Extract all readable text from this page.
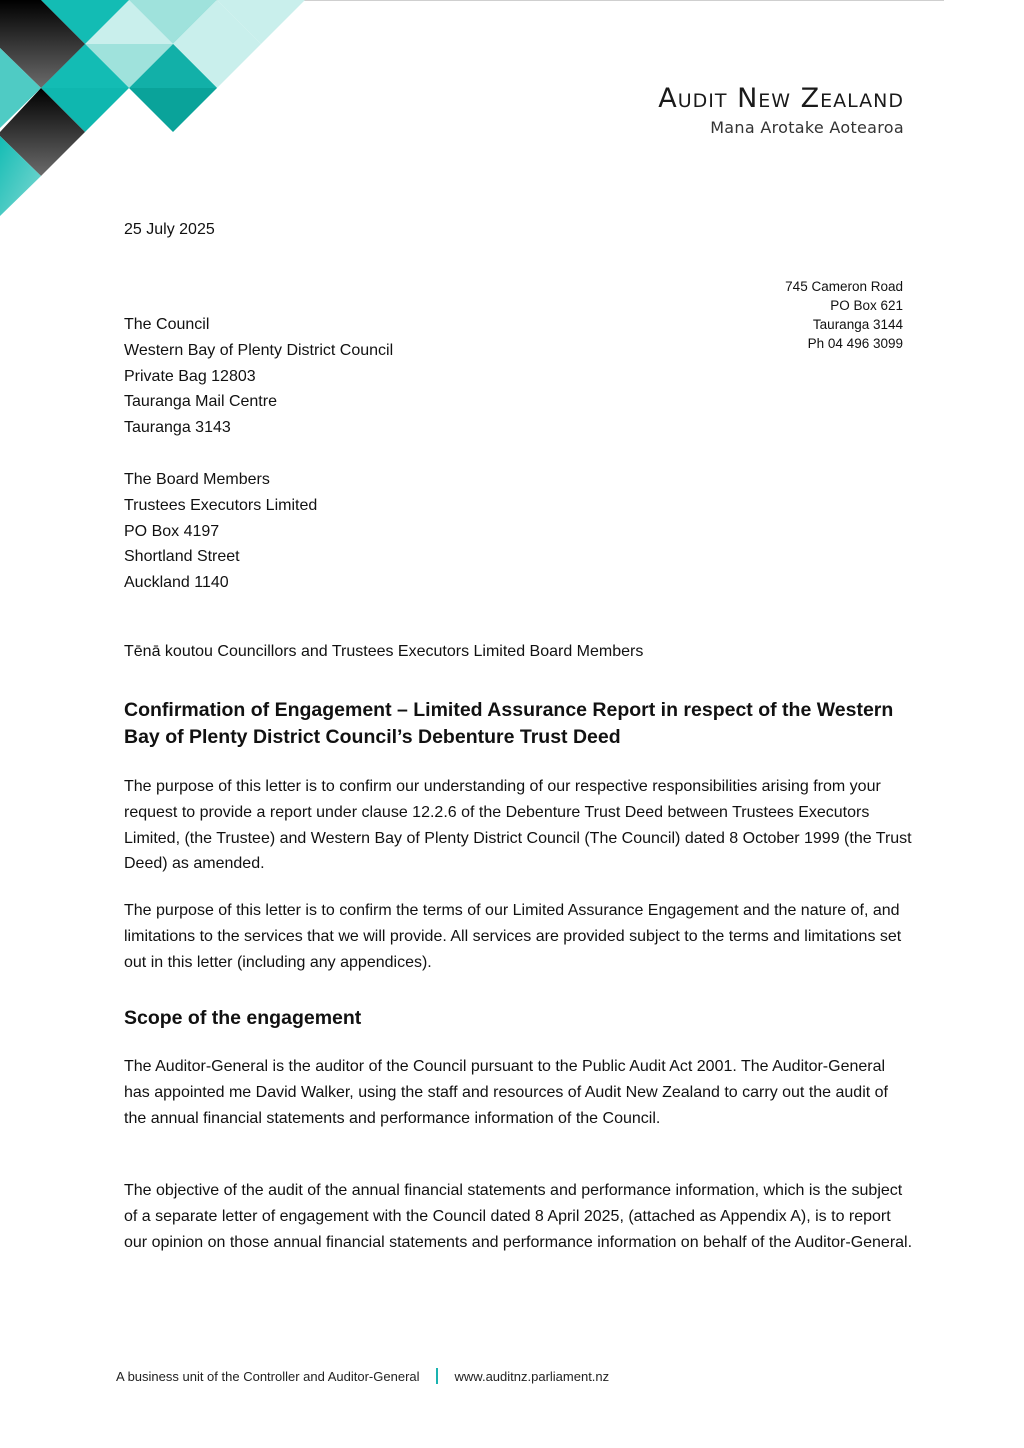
Audit New Zealand
Mana Arotake Aotearoa
25 July 2025
745 Cameron Road
PO Box 621
Tauranga 3144
Ph 04 496 3099
The Council
Western Bay of Plenty District Council
Private Bag 12803
Tauranga Mail Centre
Tauranga 3143
The Board Members
Trustees Executors Limited
PO Box 4197
Shortland Street
Auckland 1140
Tēnā koutou Councillors and Trustees Executors Limited Board Members
Confirmation of Engagement – Limited Assurance Report in respect of the Western Bay of Plenty District Council’s Debenture Trust Deed

The purpose of this letter is to confirm our understanding of our respective responsibilities arising from your request to provide a report under clause 12.2.6 of the Debenture Trust Deed between Trustees Executors Limited, (the Trustee) and Western Bay of Plenty District Council (The Council) dated 8 October 1999 (the Trust Deed) as amended.

The purpose of this letter is to confirm the terms of our Limited Assurance Engagement and the nature of, and limitations to the services that we will provide. All services are provided subject to the terms and limitations set out in this letter (including any appendices).

Scope of the engagement

The Auditor-General is the auditor of the Council pursuant to the Public Audit Act 2001. The Auditor-General has appointed me David Walker, using the staff and resources of Audit New Zealand to carry out the audit of the annual financial statements and performance information of the Council.

The objective of the audit of the annual financial statements and performance information, which is the subject of a separate letter of engagement with the Council dated 8 April 2025, (attached as Appendix A), is to report our opinion on those annual financial statements and performance information on behalf of the Auditor-General.

A business unit of the Controller and Auditor-General	www.auditnz.parliament.nz
